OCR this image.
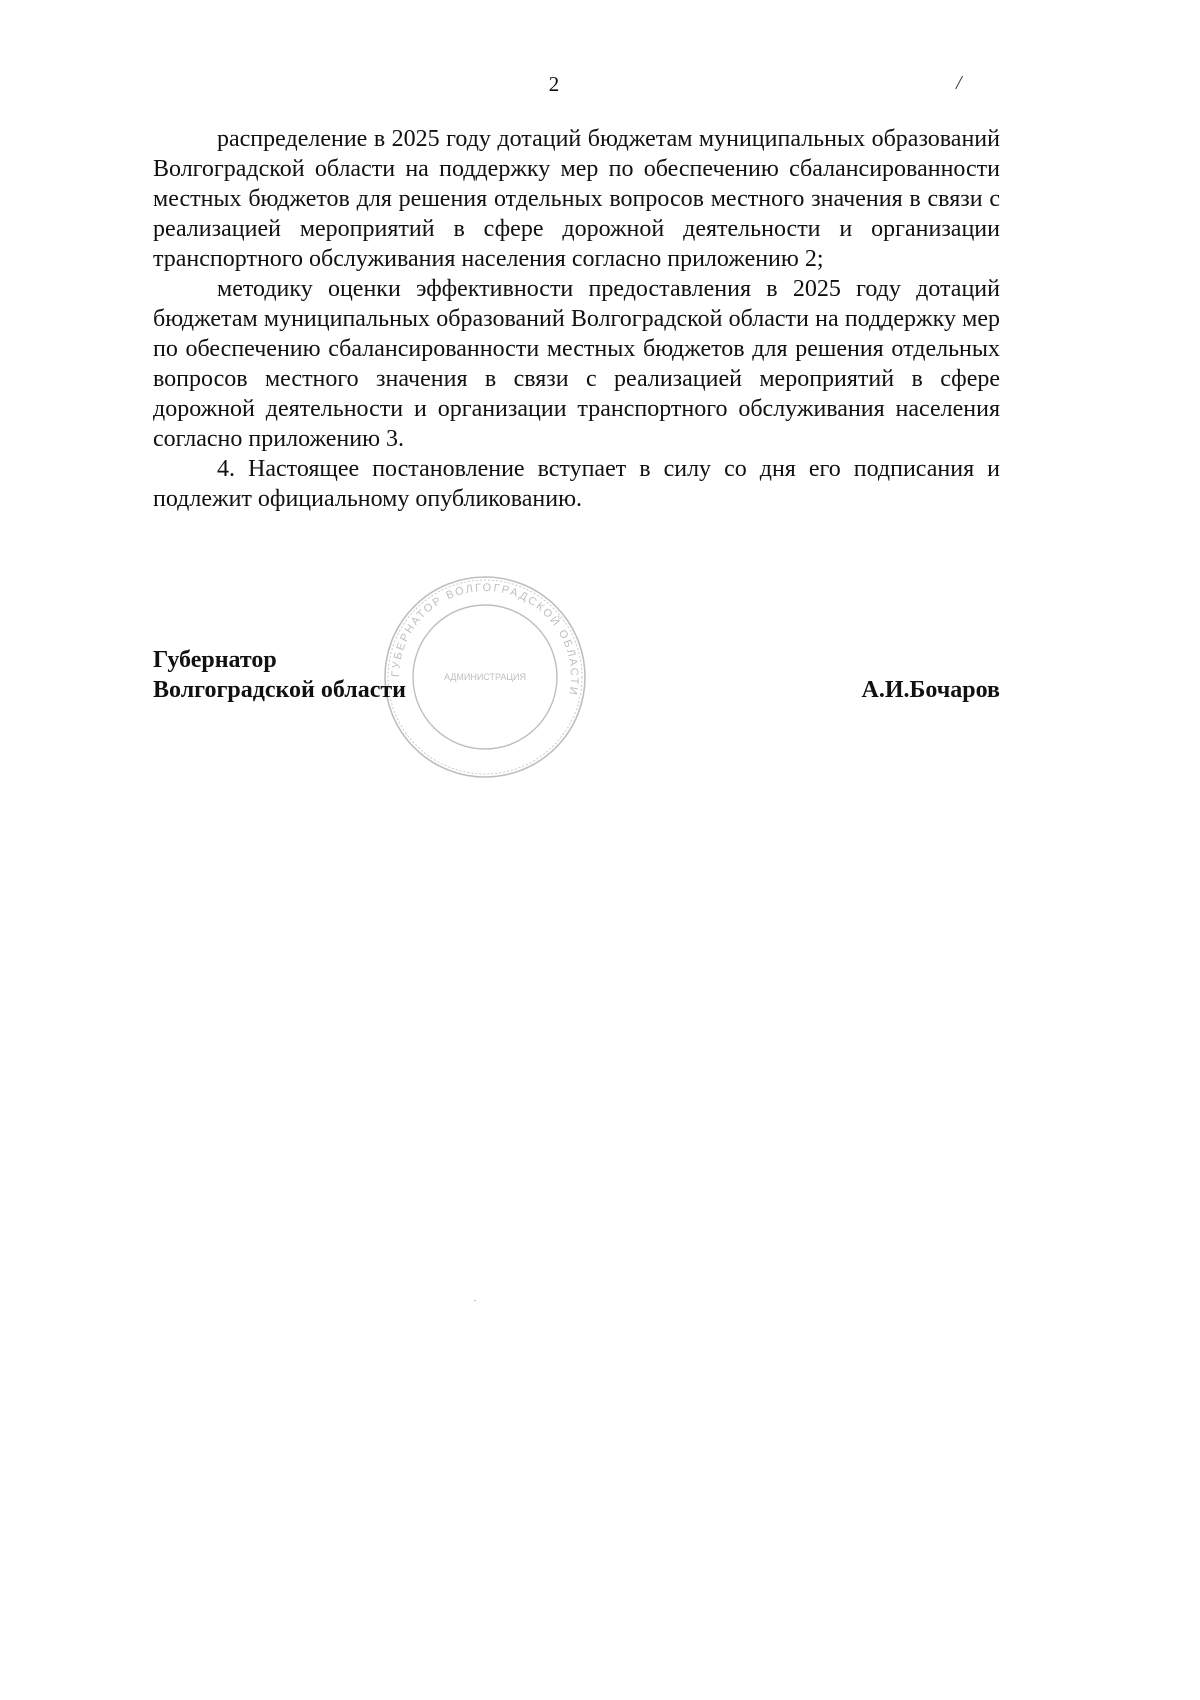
2	/

распределение в 2025 году дотаций бюджетам муниципальных образований Волгоградской области на поддержку мер по обеспечению сбалансированности местных бюджетов для решения отдельных вопросов местного значения в связи с реализацией мероприятий в сфере дорожной деятельности и организации транспортного обслуживания населения согласно приложению 2;

методику оценки эффективности предоставления в 2025 году дотаций бюджетам муниципальных образований Волгоградской области на поддержку мер по обеспечению сбалансированности местных бюджетов для решения отдельных вопросов местного значения в связи с реализацией мероприятий в сфере дорожной деятельности и организации транспортного обслуживания населения согласно приложению 3.

4. Настоящее постановление вступает в силу со дня его подписания и подлежит официальному опубликованию.

ГУБЕРНАТОР ВОЛГОГРАДСКОЙ ОБЛАСТИ
АДМИНИСТРАЦИЯ
Губернатор
Волгоградской области	А.И.Бочаров
